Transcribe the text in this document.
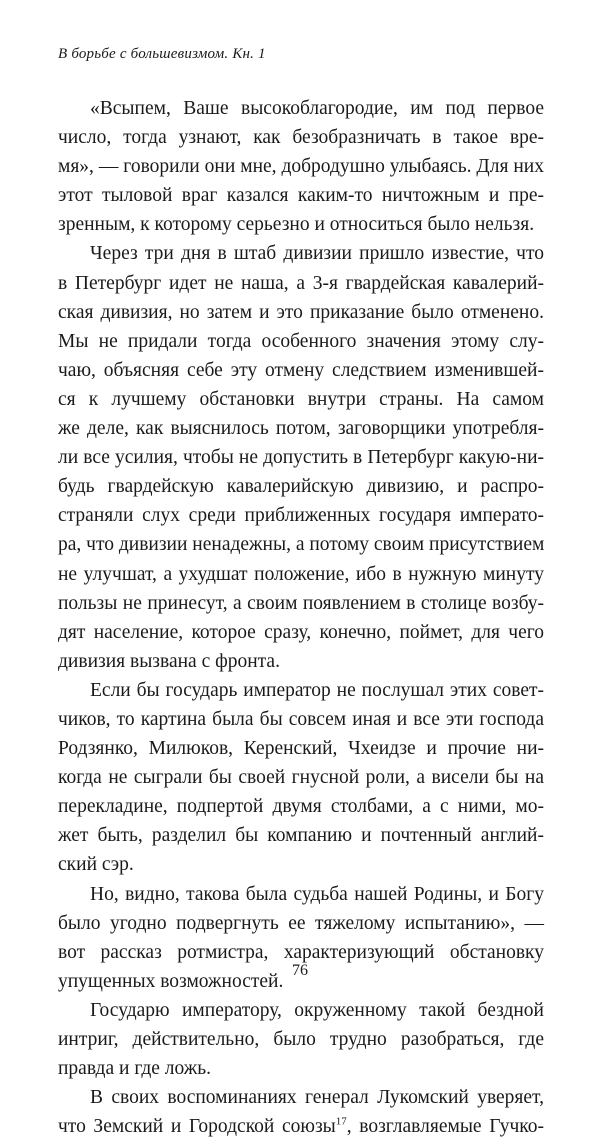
В борьбе с большевизмом. Кн. 1
«Всыпем, Ваше высокоблагородие, им под первое
число, тогда узнают, как безобразничать в такое вре-
мя», — говорили они мне, добродушно улыбаясь. Для них
этот тыловой враг казался каким-то ничтожным и пре-
зренным, к которому серьезно и относиться было нельзя.
Через три дня в штаб дивизии пришло известие, что
в Петербург идет не наша, а 3-я гвардейская кавалерий-
ская дивизия, но затем и это приказание было отменено.
Мы не придали тогда особенного значения этому слу-
чаю, объясняя себе эту отмену следствием изменившей-
ся к лучшему обстановки внутри страны. На самом
же деле, как выяснилось потом, заговорщики употребля-
ли все усилия, чтобы не допустить в Петербург какую-ни-
будь гвардейскую кавалерийскую дивизию, и распро-
страняли слух среди приближенных государя императо-
ра, что дивизии ненадежны, а потому своим присутствием
не улучшат, а ухудшат положение, ибо в нужную минуту
пользы не принесут, а своим появлением в столице возбу-
дят население, которое сразу, конечно, поймет, для чего
дивизия вызвана с фронта.
Если бы государь император не послушал этих совет-
чиков, то картина была бы совсем иная и все эти господа
Родзянко, Милюков, Керенский, Чхеидзе и прочие ни-
когда не сыграли бы своей гнусной роли, а висели бы на
перекладине, подпертой двумя столбами, а с ними, мо-
жет быть, разделил бы компанию и почтенный англий-
ский сэр.
Но, видно, такова была судьба нашей Родины, и Богу
было угодно подвергнуть ее тяжелому испытанию», —
вот рассказ ротмистра, характеризующий обстановку
упущенных возможностей.
Государю императору, окруженному такой бездной
интриг, действительно, было трудно разобраться, где
правда и где ложь.
В своих воспоминаниях генерал Лукомский уверяет,
что Земский и Городской союзы$^{17}$, возглавляемые Гучко-
76
